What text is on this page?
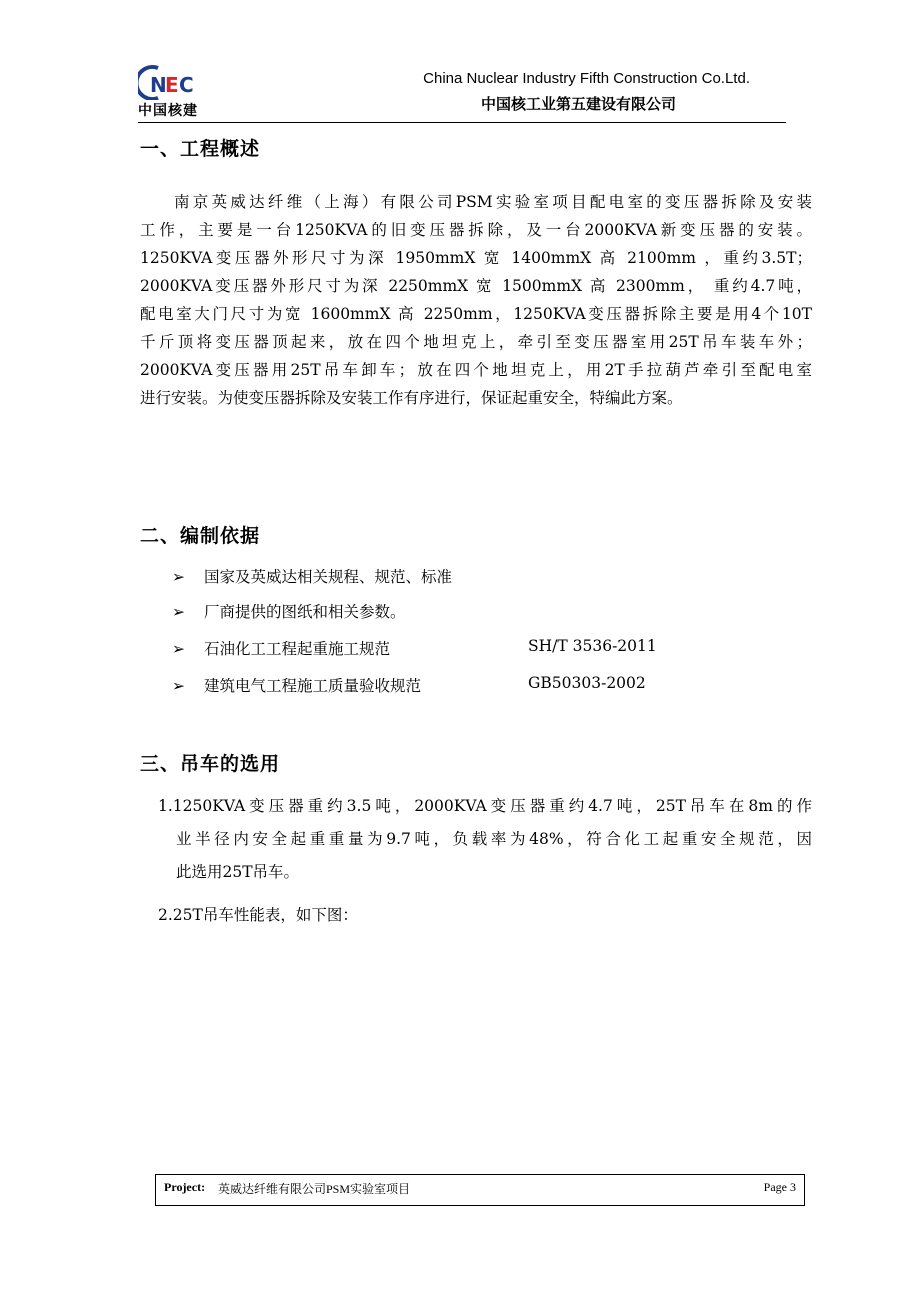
N
E C
中国核建
China Nuclear Industry Fifth Construction Co.Ltd.
中国核工业第五建设有限公司
一、工程概述
南京英威达纤维（上海）有限公司PSM实验室项目配电室的变压器拆除及安装
工作，主要是一台1250KVA的旧变压器拆除，及一台2000KVA新变压器的安装。
1250KVA变压器外形尺寸为深 1950mmX 宽 1400mmX 高 2100mm ，重约3.5T；
2000KVA变压器外形尺寸为深 2250mmX 宽 1500mmX 高 2300mm， 重约4.7吨，
配电室大门尺寸为宽 1600mmX 高 2250mm，1250KVA变压器拆除主要是用4个10T
千斤顶将变压器顶起来，放在四个地坦克上，牵引至变压器室用25T吊车装车外；
2000KVA变压器用25T吊车卸车；放在四个地坦克上，用2T手拉葫芦牵引至配电室
进行安装。为使变压器拆除及安装工作有序进行，保证起重安全，特编此方案。
二、编制依据
➢ 国家及英威达相关规程、规范、标准
➢ 厂商提供的图纸和相关参数。
➢ 石油化工工程起重施工规范	SH/T 3536-2011
➢ 建筑电气工程施工质量验收规范	GB50303-2002
三、吊车的选用
1.1250KVA变压器重约3.5吨，2000KVA变压器重约4.7吨，25T吊车在8m的作
业半径内安全起重重量为9.7吨，负载率为48%，符合化工起重安全规范，因
此选用25T吊车。
2.25T吊车性能表，如下图：
Project: 英威达纤维有限公司PSM实验室项目	Page 3
